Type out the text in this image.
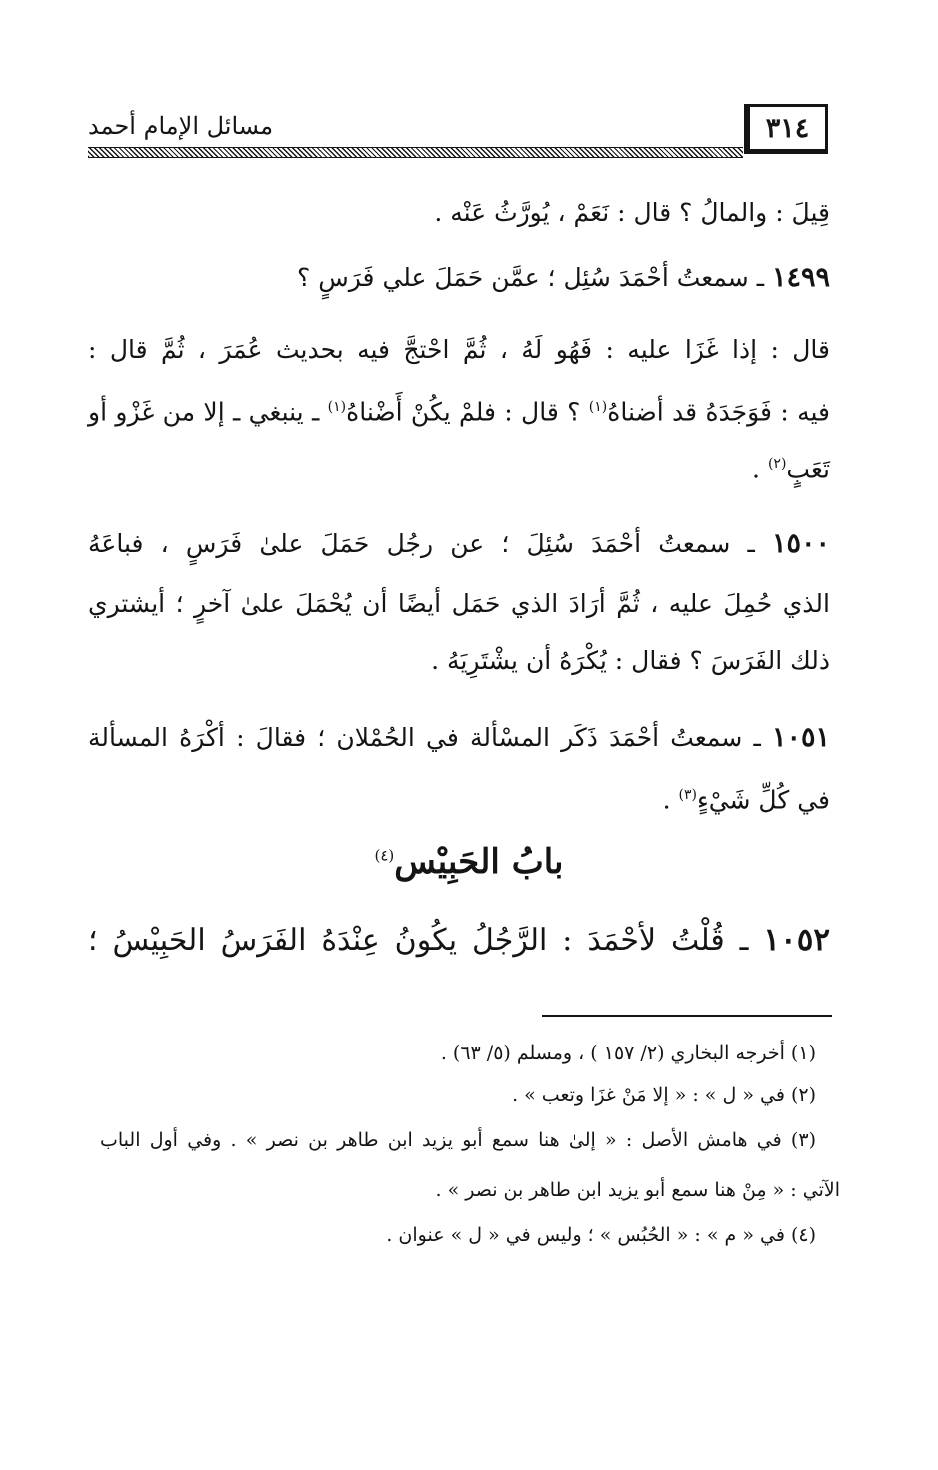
٣١٤
مسائل الإمام أحمد
قِيلَ : والمالُ ؟ قال : نَعَمْ ، يُورَّثُ عَنْه .
١٤٩٩ ـ سمعتُ أحْمَدَ سُئِل ؛ عمَّن حَمَلَ علي فَرَسٍ ؟
قال : إذا غَزَا عليه : فَهُو لَهُ ، ثُمَّ احْتجَّ فيه بحديث عُمَرَ ، ثُمَّ قال :
فيه : فَوَجَدَهُ قد أضناهُ$^{(١)}$ ؟ قال : فلمْ يكُنْ أَضْناهُ$^{(١)}$ ـ ينبغي ـ إلا من غَزْو أو
تَعَبٍ$^{(٢)}$ .
١٥٠٠ ـ سمعتُ أحْمَدَ سُئِلَ ؛ عن رجُل حَمَلَ علىٰ فَرَسٍ ، فباعَهُ
الذي حُمِلَ عليه ، ثُمَّ أرَادَ الذي حَمَل أيضًا أن يُحْمَلَ علىٰ آخرٍ ؛ أيشتري
ذلك الفَرَسَ ؟ فقال : يُكْرَهُ أن يشْتَرِيَهُ .
١٠٥١ ـ سمعتُ أحْمَدَ ذَكَر المسْألة في الحُمْلان ؛ فقالَ : أكْرَهُ المسألة
في كُلِّ شَيْءٍ$^{(٣)}$ .
بابُ الحَبِيْس$^{(٤)}$
١٠٥٢ ـ قُلْتُ لأحْمَدَ : الرَّجُلُ يكُونُ عِنْدَهُ الفَرَسُ الحَبِيْسُ ؛
(١) أخرجه البخاري (٢/ ١٥٧ ) ، ومسلم (٥/ ٦٣) .
(٢) في « ل » : « إلا مَنْ غزَا وتعب » .
(٣) في هامش الأصل : « إلىٰ هنا سمع أبو يزيد ابن طاهر بن نصر » . وفي أول الباب
الآتي : « مِنْ هنا سمع أبو يزيد ابن طاهر بن نصر » .
(٤) في « م » : « الحُبُس » ؛ وليس في « ل » عنوان .
